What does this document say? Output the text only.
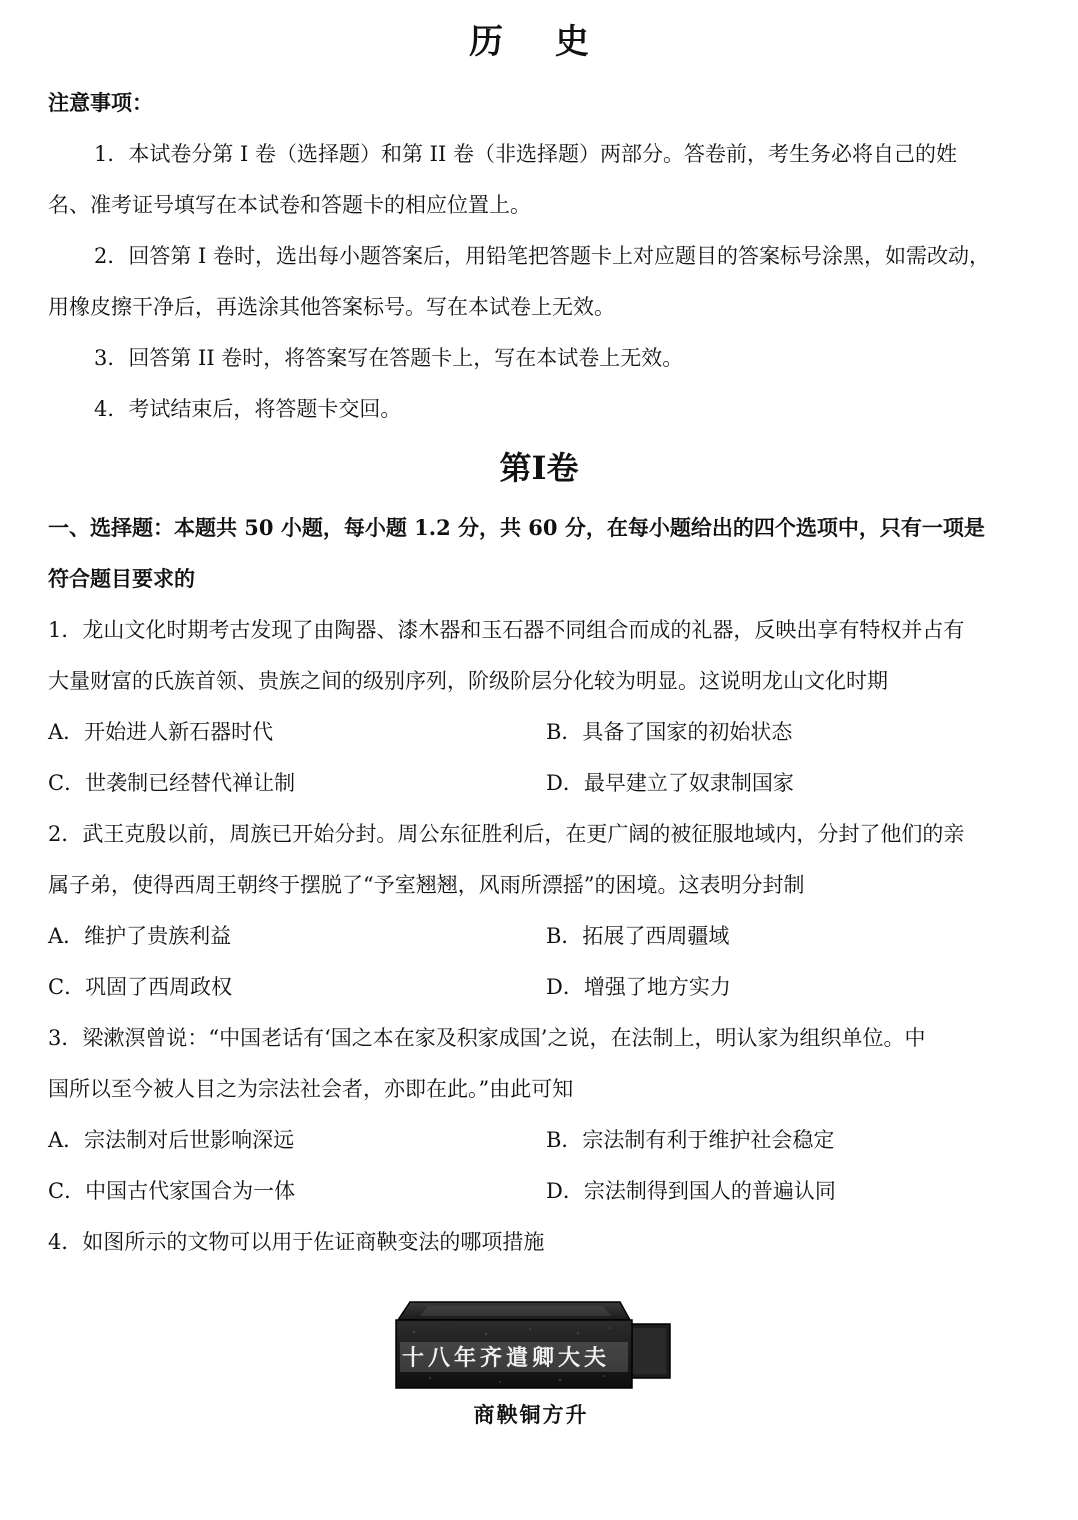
历 史
注意事项：
1．本试卷分第 I 卷（选择题）和第 II 卷（非选择题）两部分。答卷前，考生务必将自己的姓
名、准考证号填写在本试卷和答题卡的相应位置上。
2．回答第 I 卷时，选出每小题答案后，用铅笔把答题卡上对应题目的答案标号涂黑，如需改动，
用橡皮擦干净后，再选涂其他答案标号。写在本试卷上无效。
3．回答第 II 卷时，将答案写在答题卡上，写在本试卷上无效。
4．考试结束后，将答题卡交回。
第I卷
一、选择题：本题共 50 小题，每小题 1.2 分，共 60 分，在每小题给出的四个选项中，只有一项是
符合题目要求的
1．龙山文化时期考古发现了由陶器、漆木器和玉石器不同组合而成的礼器，反映出享有特权并占有
大量财富的氏族首领、贵族之间的级别序列，阶级阶层分化较为明显。这说明龙山文化时期
A．开始进人新石器时代	B．具备了国家的初始状态
C．世袭制已经替代禅让制	D．最早建立了奴隶制国家
2．武王克殷以前，周族已开始分封。周公东征胜利后，在更广阔的被征服地域内，分封了他们的亲
属子弟，使得西周王朝终于摆脱了“予室翘翘，风雨所漂摇”的困境。这表明分封制
A．维护了贵族利益	B．拓展了西周疆域
C．巩固了西周政权	D．增强了地方实力
3．梁漱溟曾说：“中国老话有‘国之本在家及积家成国’之说，在法制上，明认家为组织单位。中
国所以至今被人目之为宗法社会者，亦即在此。”由此可知
A．宗法制对后世影响深远	B．宗法制有利于维护社会稳定
C．中国古代家国合为一体	D．宗法制得到国人的普遍认同
4．如图所示的文物可以用于佐证商鞅变法的哪项措施
十八年齐遣卿大夫
商鞅铜方升
